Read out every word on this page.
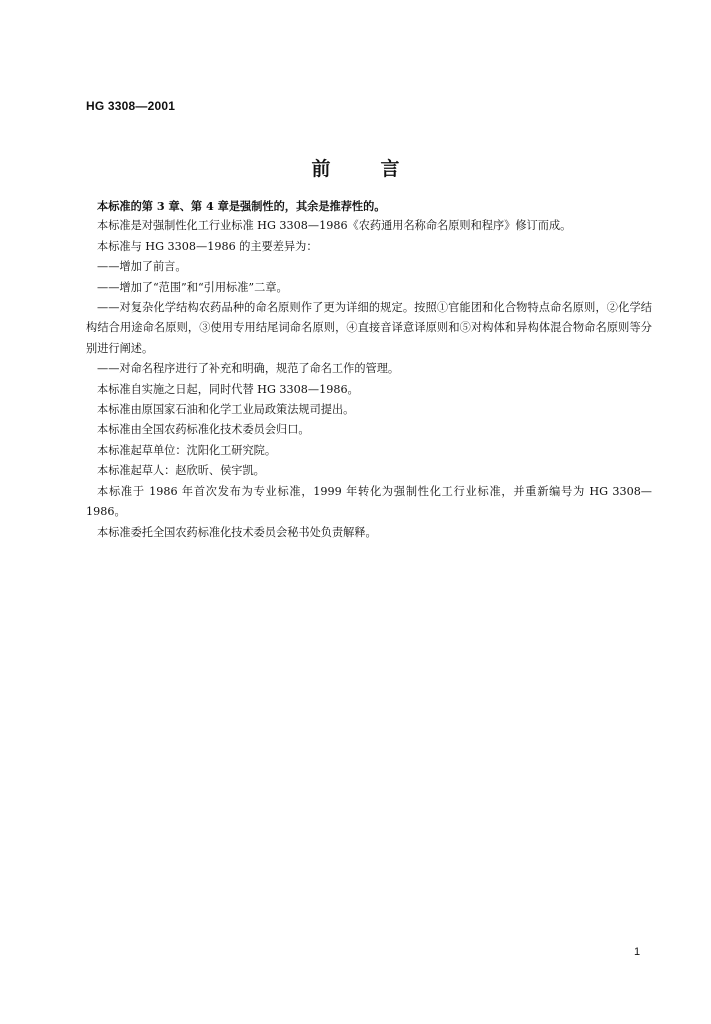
HG 3308—2001
前	言

本标准的第 3 章、第 4 章是强制性的，其余是推荐性的。

本标准是对强制性化工行业标准 HG 3308—1986《农药通用名称命名原则和程序》修订而成。

本标准与 HG 3308—1986 的主要差异为：

——增加了前言。

——增加了“范围”和“引用标准”二章。

——对复杂化学结构农药品种的命名原则作了更为详细的规定。按照①官能团和化合物特点命名原则，②化学结构结合用途命名原则，③使用专用结尾词命名原则，④直接音译意译原则和⑤对构体和异构体混合物命名原则等分别进行阐述。

——对命名程序进行了补充和明确，规范了命名工作的管理。

本标准自实施之日起，同时代替 HG 3308—1986。

本标准由原国家石油和化学工业局政策法规司提出。

本标准由全国农药标准化技术委员会归口。

本标准起草单位：沈阳化工研究院。

本标准起草人：赵欣昕、侯宇凯。

本标准于 1986 年首次发布为专业标准，1999 年转化为强制性化工行业标准，并重新编号为 HG 3308—1986。

本标准委托全国农药标准化技术委员会秘书处负责解释。

1
